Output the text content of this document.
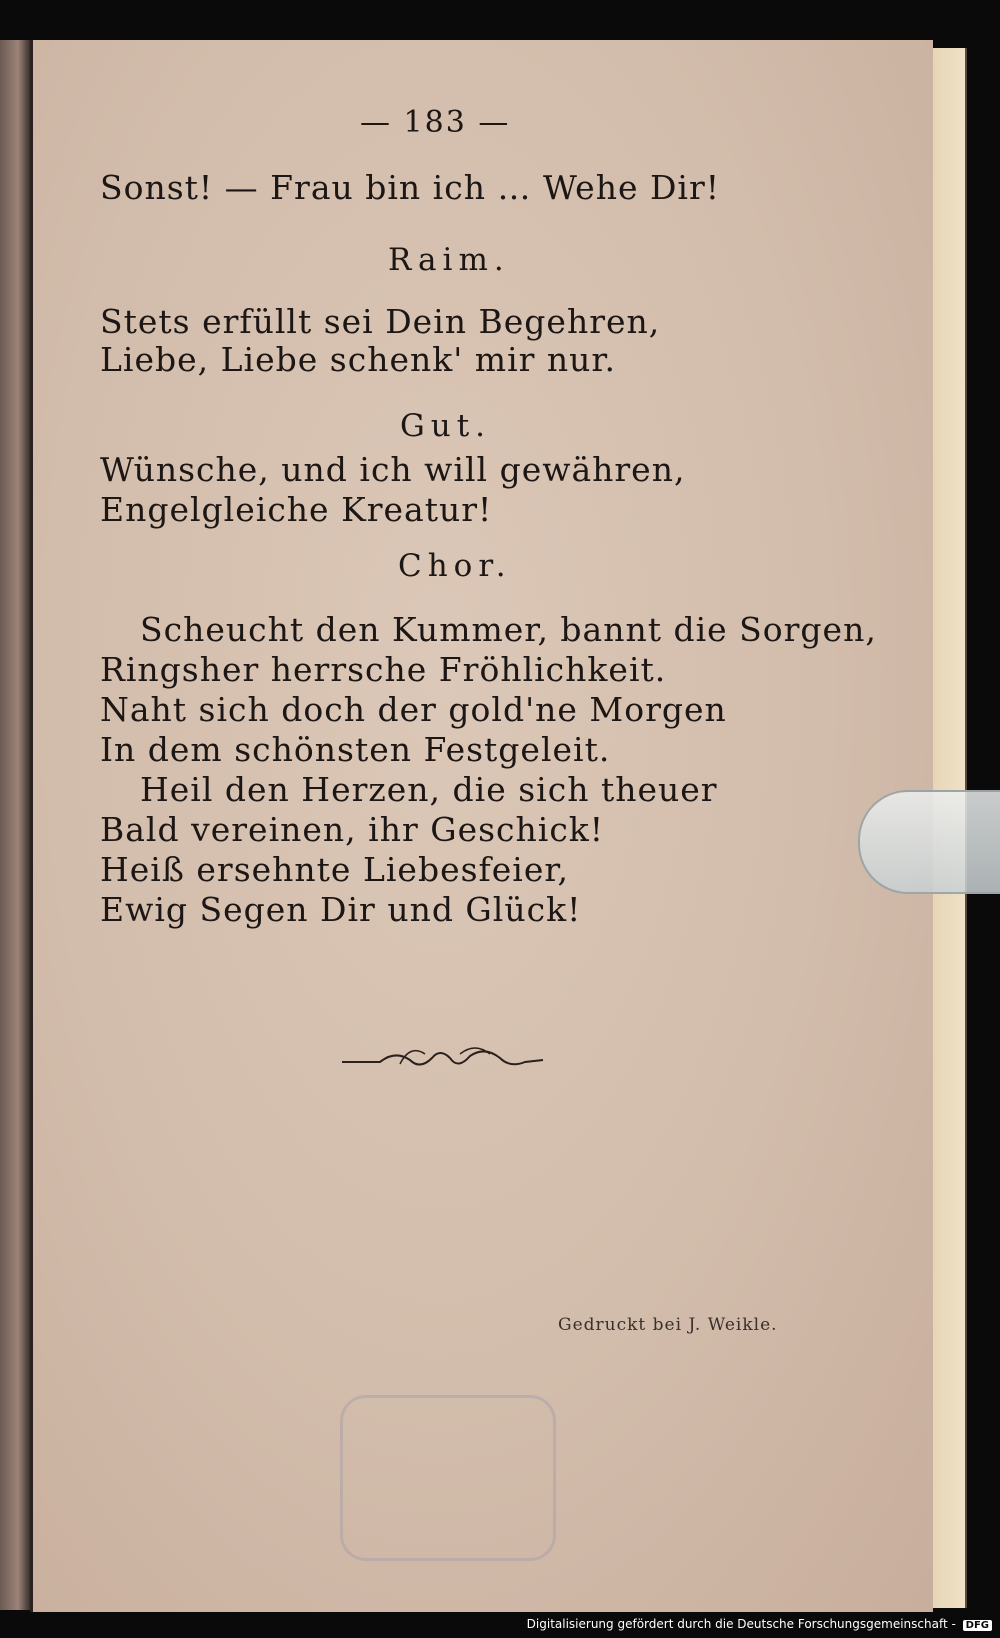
— 183 —
Sonst! — Frau bin ich … Wehe Dir!
Raim.
Stets erfüllt sei Dein Begehren,
Liebe, Liebe schenk' mir nur.
Gut.
Wünsche, und ich will gewähren,
Engelgleiche Kreatur!
Chor.
Scheucht den Kummer, bannt die Sorgen,
Ringsher herrsche Fröhlichkeit.
Naht sich doch der gold'ne Morgen
In dem schönsten Festgeleit.
Heil den Herzen, die sich theuer
Bald vereinen, ihr Geschick!
Heiß ersehnte Liebesfeier,
Ewig Segen Dir und Glück!
Gedruckt bei J. Weikle.
Digitalisierung gefördert durch die Deutsche Forschungsgemeinschaft - DFG
